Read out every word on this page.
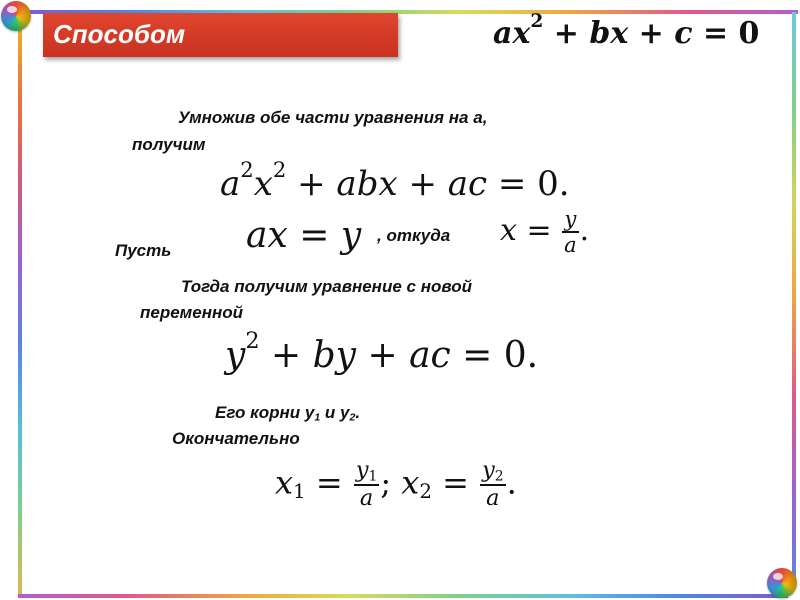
Способом	$ax^2$ + bx + c = 0
Умножив обе части уравнения на а,
получим
$a^2x^2$ + abx + ac = 0.
Пусть ax = y , откуда $x = \frac{y}{a}$ .
Тогда получим уравнение с новой
переменной
$y^2$ + by + ac = 0.
Его корни $у_1$ и $у_2$.
Окончательно
$x_1 = \frac{y_1}{a}$ ; $x_2 = \frac{y_2}{a}$ .
